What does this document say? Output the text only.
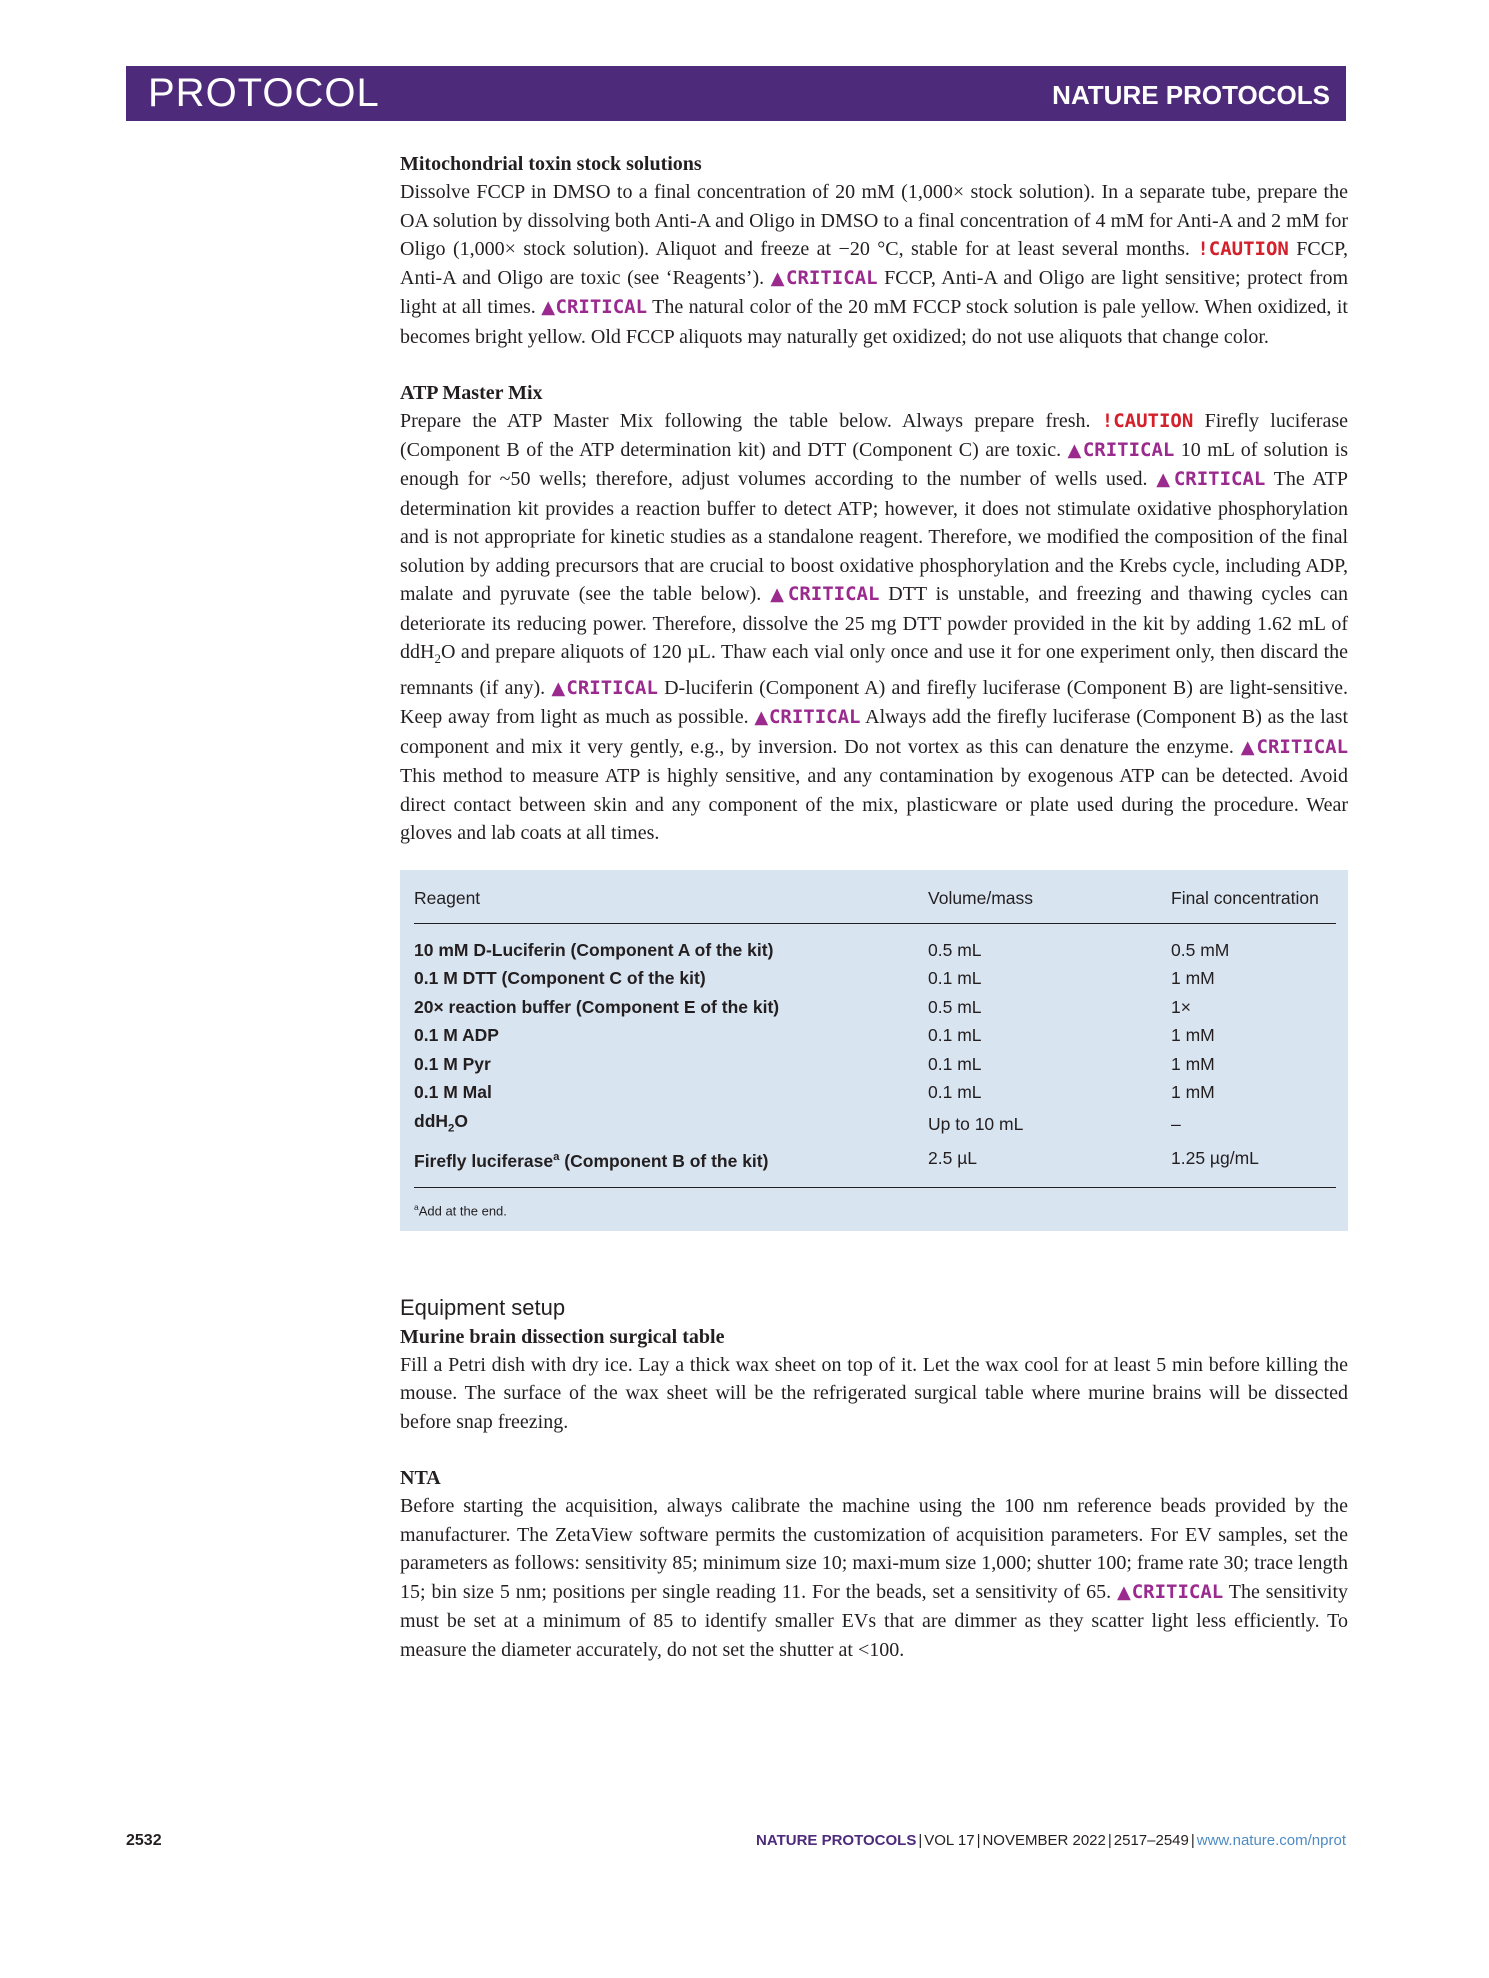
PROTOCOL	NATURE PROTOCOLS

Mitochondrial toxin stock solutions

Dissolve FCCP in DMSO to a final concentration of 20 mM (1,000× stock solution). In a separate tube, prepare the OA solution by dissolving both Anti-A and Oligo in DMSO to a final concentration of 4 mM for Anti-A and 2 mM for Oligo (1,000× stock solution). Aliquot and freeze at −20 °C, stable for at least several months. !CAUTION FCCP, Anti-A and Oligo are toxic (see ‘Reagents’). ▲CRITICAL FCCP, Anti-A and Oligo are light sensitive; protect from light at all times. ▲CRITICAL The natural color of the 20 mM FCCP stock solution is pale yellow. When oxidized, it becomes bright yellow. Old FCCP aliquots may naturally get oxidized; do not use aliquots that change color.

ATP Master Mix

Prepare the ATP Master Mix following the table below. Always prepare fresh. !CAUTION Firefly luciferase (Component B of the ATP determination kit) and DTT (Component C) are toxic. ▲CRITICAL 10 mL of solution is enough for ~50 wells; therefore, adjust volumes according to the number of wells used. ▲CRITICAL The ATP determination kit provides a reaction buffer to detect ATP; however, it does not stimulate oxidative phosphorylation and is not appropriate for kinetic studies as a standalone reagent. Therefore, we modified the composition of the final solution by adding precursors that are crucial to boost oxidative phosphorylation and the Krebs cycle, including ADP, malate and pyruvate (see the table below). ▲CRITICAL DTT is unstable, and freezing and thawing cycles can deteriorate its reducing power. Therefore, dissolve the 25 mg DTT powder provided in the kit by adding 1.62 mL of ddH$_2$O and prepare aliquots of 120 µL. Thaw each vial only once and use it for one experiment only, then discard the remnants (if any). ▲CRITICAL D-luciferin (Component A) and firefly luciferase (Component B) are light-sensitive. Keep away from light as much as possible. ▲CRITICAL Always add the firefly luciferase (Component B) as the last component and mix it very gently, e.g., by inversion. Do not vortex as this can denature the enzyme. ▲CRITICAL This method to measure ATP is highly sensitive, and any contamination by exogenous ATP can be detected. Avoid direct contact between skin and any component of the mix, plasticware or plate used during the procedure. Wear gloves and lab coats at all times.

Reagent	Volume/mass	Final concentration
10 mM D-Luciferin (Component A of the kit)	0.5 mL	0.5 mM
0.1 M DTT (Component C of the kit)	0.1 mL	1 mM
20× reaction buffer (Component E of the kit)	0.5 mL	1×
0.1 M ADP	0.1 mL	1 mM
0.1 M Pyr	0.1 mL	1 mM
0.1 M Mal	0.1 mL	1 mM
ddH$_2$O	Up to 10 mL	–
Firefly luciferase$^a$ (Component B of the kit)	2.5 µL	1.25 µg/mL
$^a$Add at the end.

Equipment setup

Murine brain dissection surgical table

Fill a Petri dish with dry ice. Lay a thick wax sheet on top of it. Let the wax cool for at least 5 min before killing the mouse. The surface of the wax sheet will be the refrigerated surgical table where murine brains will be dissected before snap freezing.

NTA

Before starting the acquisition, always calibrate the machine using the 100 nm reference beads provided by the manufacturer. The ZetaView software permits the customization of acquisition parameters. For EV samples, set the parameters as follows: sensitivity 85; minimum size 10; maxi-mum size 1,000; shutter 100; frame rate 30; trace length 15; bin size 5 nm; positions per single reading 11. For the beads, set a sensitivity of 65. ▲CRITICAL The sensitivity must be set at a minimum of 85 to identify smaller EVs that are dimmer as they scatter light less efficiently. To measure the diameter accurately, do not set the shutter at <100.

2532	NATURE PROTOCOLS | VOL 17 | NOVEMBER 2022 | 2517–2549 | www.nature.com/nprot
